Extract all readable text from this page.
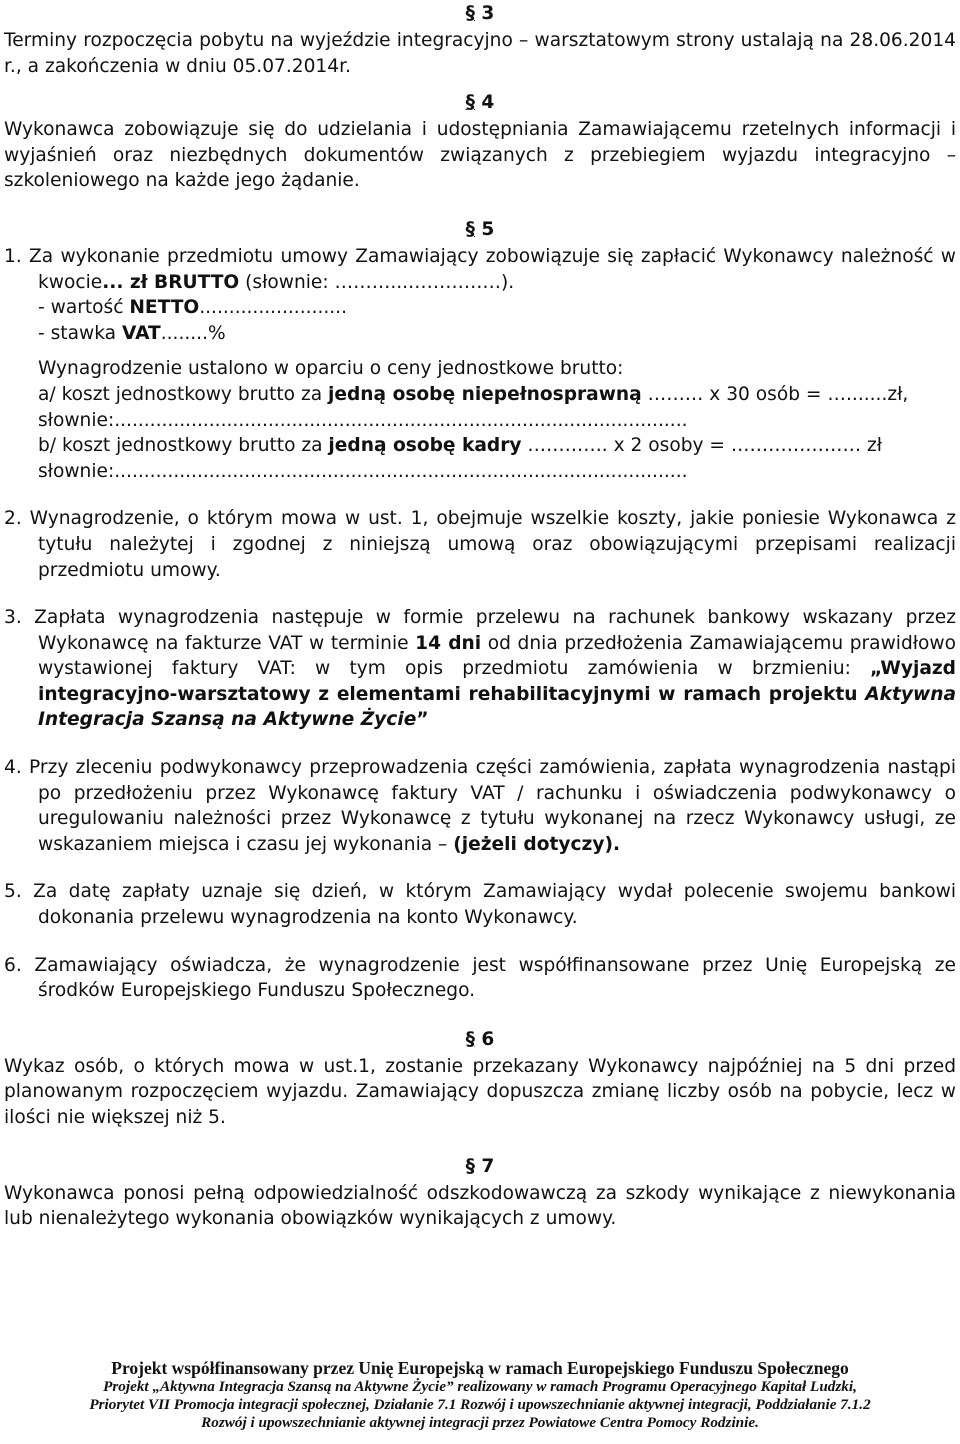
§ 3

Terminy rozpoczęcia pobytu na wyjeździe integracyjno – warsztatowym strony ustalają na 28.06.2014 r., a zakończenia w dniu 05.07.2014r.

§ 4

Wykonawca zobowiązuje się do udzielania i udostępniania Zamawiającemu rzetelnych informacji i wyjaśnień oraz niezbędnych dokumentów związanych z przebiegiem wyjazdu integracyjno – szkoleniowego na każde jego żądanie.

§ 5

1. Za wykonanie przedmiotu umowy Zamawiający zobowiązuje się zapłacić Wykonawcy należność w kwocie... zł BRUTTO (słownie: ………...……………).

- wartość NETTO.........................

- stawka VAT........%

Wynagrodzenie ustalono w oparciu o ceny jednostkowe brutto:

a/ koszt jednostkowy brutto za jedną osobę niepełnosprawną ……… x 30 osób = ….......zł,

słownie:.................................................................................................

b/ koszt jednostkowy brutto za jedną osobę kadry …………. x 2 osoby = ………………… zł

słownie:.................................................................................................

2. Wynagrodzenie, o którym mowa w ust. 1, obejmuje wszelkie koszty, jakie poniesie Wykonawca z tytułu należytej i zgodnej z niniejszą umową oraz obowiązującymi przepisami realizacji przedmiotu umowy.

3. Zapłata wynagrodzenia następuje w formie przelewu na rachunek bankowy wskazany przez Wykonawcę na fakturze VAT w terminie 14 dni od dnia przedłożenia Zamawiającemu prawidłowo wystawionej faktury VAT: w tym opis przedmiotu zamówienia w brzmieniu: „Wyjazd integracyjno-warsztatowy z elementami rehabilitacyjnymi w ramach projektu Aktywna Integracja Szansą na Aktywne Życie”

4. Przy zleceniu podwykonawcy przeprowadzenia części zamówienia, zapłata wynagrodzenia nastąpi po przedłożeniu przez Wykonawcę faktury VAT / rachunku i oświadczenia podwykonawcy o uregulowaniu należności przez Wykonawcę z tytułu wykonanej na rzecz Wykonawcy usługi, ze wskazaniem miejsca i czasu jej wykonania – (jeżeli dotyczy).

5. Za datę zapłaty uznaje się dzień, w którym Zamawiający wydał polecenie swojemu bankowi dokonania przelewu wynagrodzenia na konto Wykonawcy.

6. Zamawiający oświadcza, że wynagrodzenie jest współfinansowane przez Unię Europejską ze środków Europejskiego Funduszu Społecznego.

§ 6

Wykaz osób, o których mowa w ust.1, zostanie przekazany Wykonawcy najpóźniej na 5 dni przed planowanym rozpoczęciem wyjazdu. Zamawiający dopuszcza zmianę liczby osób na pobycie, lecz w ilości nie większej niż 5.

§ 7

Wykonawca ponosi pełną odpowiedzialność odszkodowawczą za szkody wynikające z niewykonania lub nienależytego wykonania obowiązków wynikających z umowy.

Projekt współfinansowany przez Unię Europejską w ramach Europejskiego Funduszu Społecznego
Projekt „Aktywna Integracja Szansą na Aktywne Życie” realizowany w ramach Programu Operacyjnego Kapitał Ludzki,
Priorytet VII Promocja integracji społecznej, Działanie 7.1 Rozwój i upowszechnianie aktywnej integracji, Poddziałanie 7.1.2
Rozwój i upowszechnianie aktywnej integracji przez Powiatowe Centra Pomocy Rodzinie.
